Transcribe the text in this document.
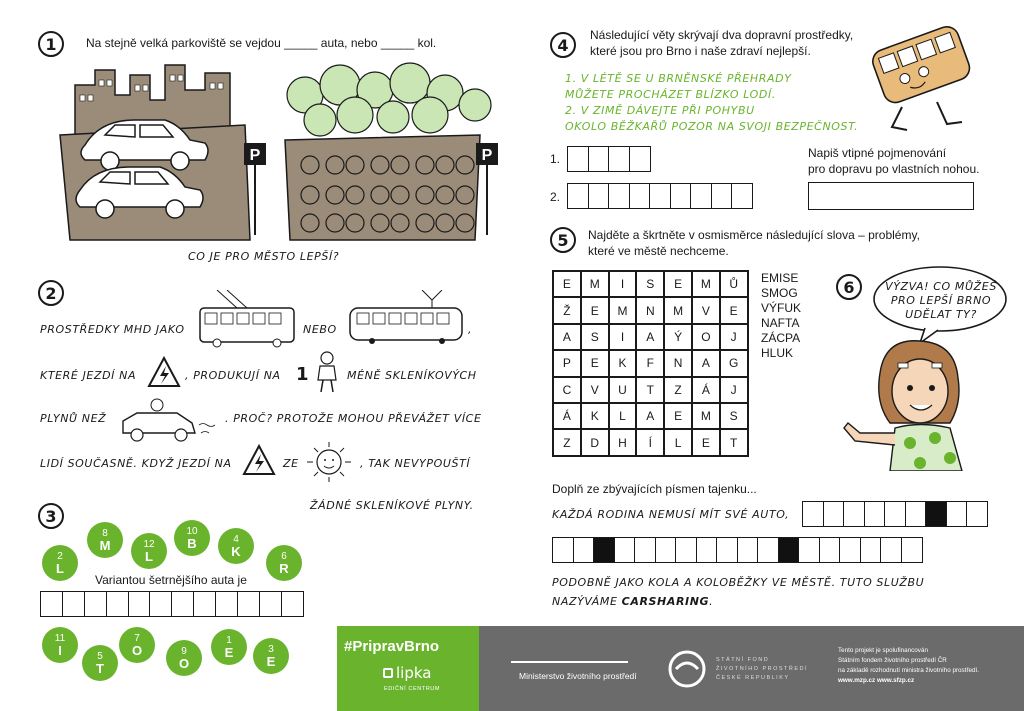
1	Na stejně velká parkoviště se vejdou _____ auta, nebo _____ kol.
P	P
CO JE PRO MĚSTO LEPŠÍ?
2
PROSTŘEDKY MHD JAKO	NEBO	,
KTERÉ JEZDÍ NA	, PRODUKUJÍ NA 1	MÉNĚ SKLENÍKOVÝCH
PLYNŮ NEŽ	. PROČ? PROTOŽE MOHOU PŘEVÁŽET VÍCE
LIDÍ SOUČASNĚ. KDYŽ JEZDÍ NA	ZE	, TAK NEVYPOUŠTÍ
ŽÁDNÉ SKLENÍKOVÉ PLYNY.
3
2
L
8
M	12
L
10
B	4
K	6
R
Variantou šetrnějšího auta je
11
I	5
T
7
O	9
O
1
E	3
E
4
Následující věty skrývají dva dopravní prostředky,
které jsou pro Brno i naše zdraví nejlepší.
1. V LÉTĚ SE U BRNĚNSKÉ PŘEHRADY
MŮŽETE PROCHÁZET BLÍZKO LODÍ.
2. V ZIMĚ DÁVEJTE PŘI POHYBU
OKOLO BĚŽKAŘŮ POZOR NA SVOJI BEZPEČNOST.
1.
2.
Napiš vtipné pojmenování
pro dopravu po vlastních nohou.
5	Najděte a škrtněte v osmisměrce následující slova – problémy,
které ve městě nechceme.
E	M	I	S	E	M	Ů
Ž	E	M	N	M	V	E
A	S	I	A	Ý	O	J
P	E	K	F	N	A	G
C	V	U	T	Z	Á	J
Á	K	L	A	E	M	S
Z	D	H	Í	L	E	T
EMISE
SMOG
VÝFUK
NAFTA
ZÁCPA
HLUK
Doplň ze zbývajících písmen tajenku...
KAŽDÁ RODINA NEMUSÍ MÍT SVÉ AUTO,
PODOBNĚ JAKO KOLA A KOLOBĚŽKY VE MĚSTĚ. TUTO SLUŽBU
NAZÝVÁME CARSHARING.
6	VÝZVA! CO MŮŽEŠ
PRO LEPŠÍ BRNO
UDĚLAT TY?
#PripravBrno
lipka
EDIČNÍ CENTRUM
Ministerstvo životního prostředí
STÁTNÍ FOND
ŽIVOTNÍHO PROSTŘEDÍ
ČESKÉ REPUBLIKY
Tento projekt je spolufinancován
Státním fondem životního prostředí ČR
na základě rozhodnutí ministra životního prostředí.
www.mzp.cz www.sfzp.cz
